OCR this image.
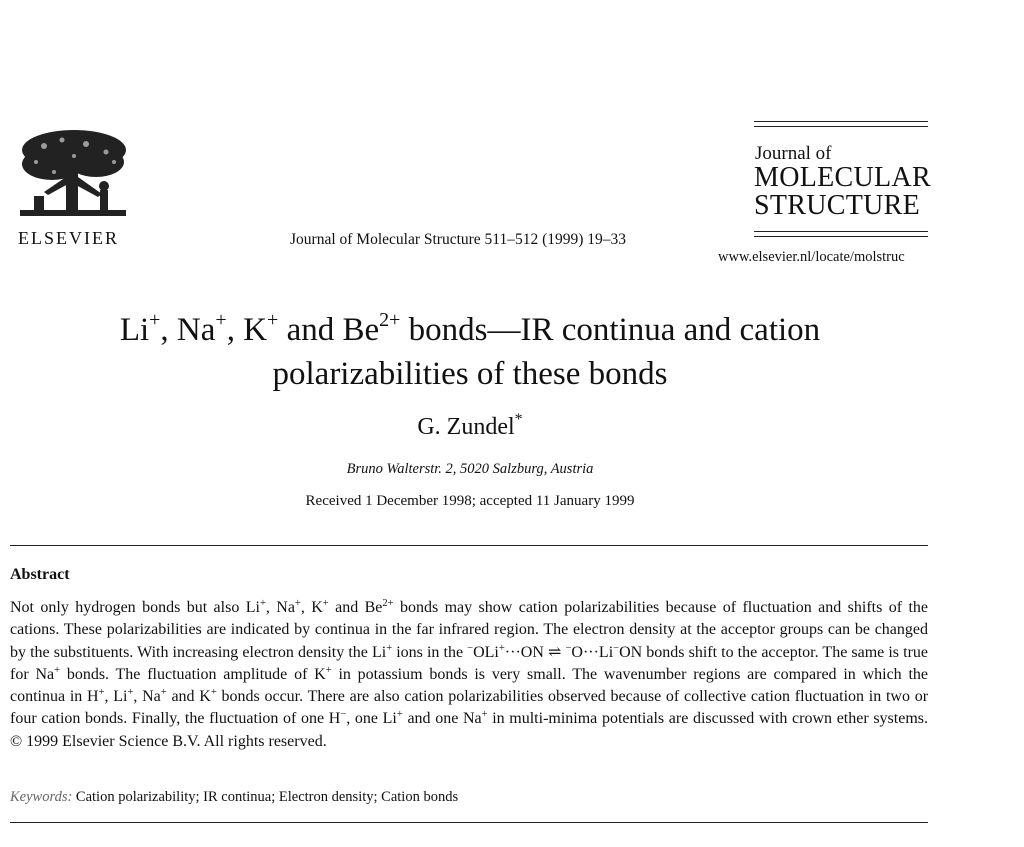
ELSEVIER	Journal of Molecular Structure 511–512 (1999) 19–33
Journal of
MOLECULAR
STRUCTURE
www.elsevier.nl/locate/molstruc
Li+, Na+, K+ and $Be^{2+}$ bonds—IR continua and cation
polarizabilities of these bonds
G. Zundel*
Bruno Walterstr. 2, 5020 Salzburg, Austria
Received 1 December 1998; accepted 11 January 1999
Abstract
Not only hydrogen bonds but also Li+, Na+, K+ and $Be^{2+}$ bonds may show cation polarizabilities because of fluctuation and shifts of the cations. These polarizabilities are indicated by continua in the far infrared region. The electron density at the acceptor groups can be changed by the substituents. With increasing electron density the Li+ ions in the −OLi+···ON ⇌ −O···Li−ON bonds shift to the acceptor. The same is true for Na+ bonds. The fluctuation amplitude of K+ in potassium bonds is very small. The wavenumber regions are compared in which the continua in H+, Li+, Na+ and K+ bonds occur. There are also cation polarizabilities observed because of collective cation fluctuation in two or four cation bonds. Finally, the fluctuation of one H−, one Li+ and one Na+ in multi-minima potentials are discussed with crown ether systems. © 1999 Elsevier Science B.V. All rights reserved.
Keywords: Cation polarizability; IR continua; Electron density; Cation bonds
